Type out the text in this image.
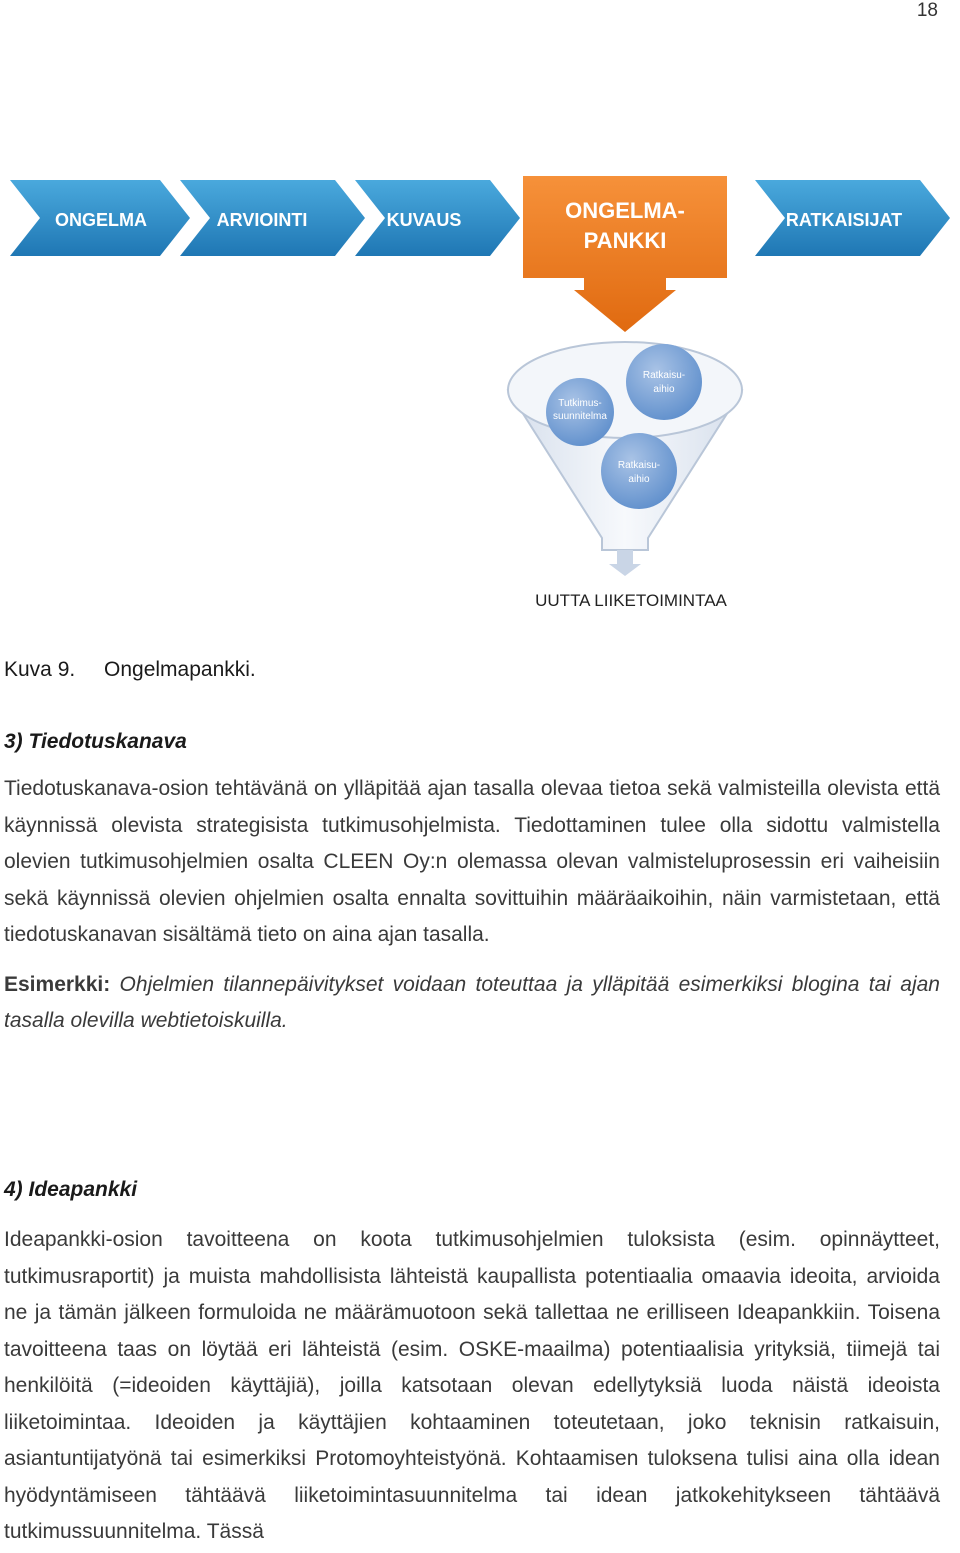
18
ONGELMA	ARVIOINTI	KUVAUS	RATKAISIJAT
ONGELMA-
PANKKI
Tutkimus-
suunnitelma
Ratkaisu-
aihio
Ratkaisu-
aihio
UUTTA LIIKETOIMINTAA
Kuva 9. Ongelmapankki.
3) Tiedotuskanava

Tiedotuskanava-osion tehtävänä on ylläpitää ajan tasalla olevaa tietoa sekä valmisteilla olevista että käynnissä olevista strategisista tutkimusohjelmista. Tiedottaminen tulee olla sidottu valmistella olevien tutkimusohjelmien osalta CLEEN Oy:n olemassa olevan valmisteluprosessin eri vaiheisiin sekä käynnissä olevien ohjelmien osalta ennalta sovittuihin määräaikoihin, näin varmistetaan, että tiedotuskanavan sisältämä tieto on aina ajan tasalla.

Esimerkki: Ohjelmien tilannepäivitykset voidaan toteuttaa ja ylläpitää esimerkiksi blogina tai ajan tasalla olevilla webtietoiskuilla.

4) Ideapankki

Ideapankki-osion tavoitteena on koota tutkimusohjelmien tuloksista (esim. opinnäytteet, tutkimusraportit) ja muista mahdollisista lähteistä kaupallista potentiaalia omaavia ideoita, arvioida ne ja tämän jälkeen formuloida ne määrämuotoon sekä tallettaa ne erilliseen Ideapankkiin. Toisena tavoitteena taas on löytää eri lähteistä (esim. OSKE-maailma) potentiaalisia yrityksiä, tiimejä tai henkilöitä (=ideoiden käyttäjiä), joilla katsotaan olevan edellytyksiä luoda näistä ideoista liiketoimintaa. Ideoiden ja käyttäjien kohtaaminen toteutetaan, joko teknisin ratkaisuin, asiantuntijatyönä tai esimerkiksi Protomoyhteistyönä. Kohtaamisen tuloksena tulisi aina olla idean hyödyntämiseen tähtäävä liiketoimintasuunnitelma tai idean jatkokehitykseen tähtäävä tutkimussuunnitelma. Tässä
